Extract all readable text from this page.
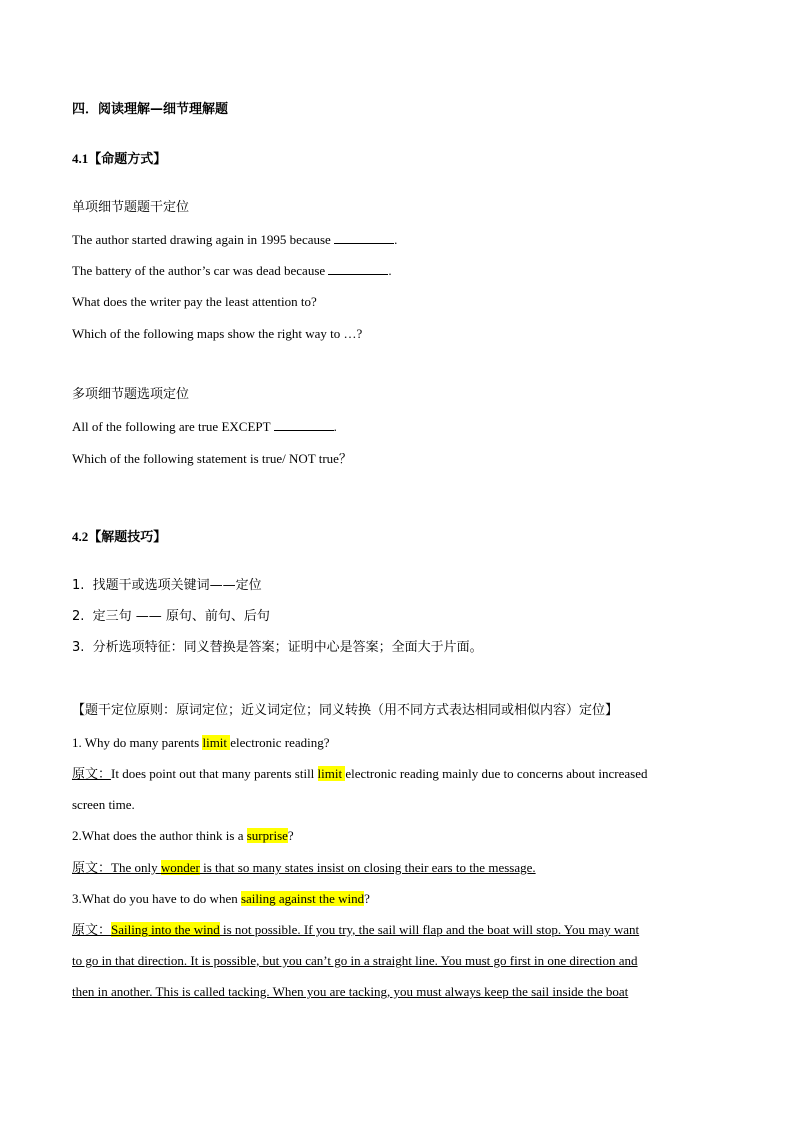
四．阅读理解—细节理解题
4.1【命题方式】
单项细节题题干定位
The author started drawing again in 1995 because	.
The battery of the author’s car was dead because	.
What does the writer pay the least attention to?
Which of the following maps show the right way to …?
多项细节题选项定位
All of the following are true EXCEPT	.
Which of the following statement is true/ NOT true？
4.2【解题技巧】
1. 找题干或选项关键词——定位
2. 定三句 —— 原句、前句、后句
3. 分析选项特征：同义替换是答案；证明中心是答案；全面大于片面。
【题干定位原则：原词定位；近义词定位；同义转换（用不同方式表达相同或相似内容）定位】
1. Why do many parents limit electronic reading?
原文：It does point out that many parents still limit electronic reading mainly due to concerns about increased
screen time.
2.What does the author think is a surprise?
原文：The only wonder is that so many states insist on closing their ears to the message.
3.What do you have to do when sailing against the wind?
原文：Sailing into the wind is not possible. If you try, the sail will flap and the boat will stop. You may want
to go in that direction. It is possible, but you can’t go in a straight line. You must go first in one direction and
then in another. This is called tacking. When you are tacking, you must always keep the sail inside the boat
